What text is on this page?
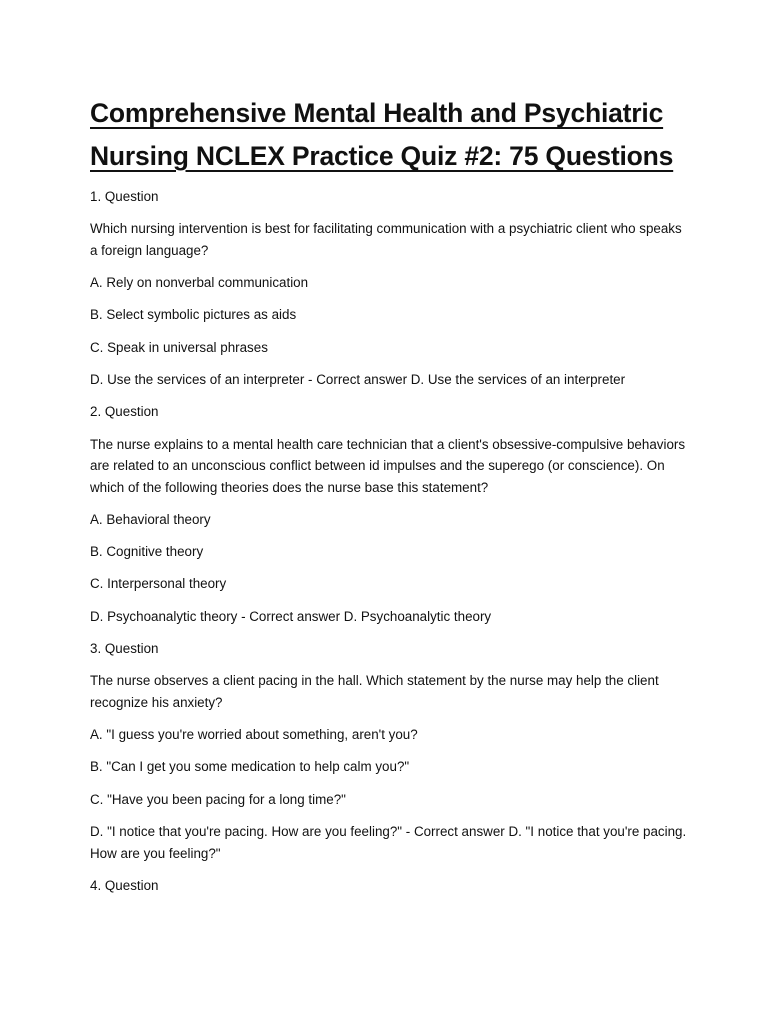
Comprehensive Mental Health and Psychiatric
Nursing NCLEX Practice Quiz #2: 75 Questions

1. Question

Which nursing intervention is best for facilitating communication with a psychiatric client who speaks a foreign language?

A. Rely on nonverbal communication

B. Select symbolic pictures as aids

C. Speak in universal phrases

D. Use the services of an interpreter - Correct answer D. Use the services of an interpreter

2. Question

The nurse explains to a mental health care technician that a client's obsessive-compulsive behaviors are related to an unconscious conflict between id impulses and the superego (or conscience). On which of the following theories does the nurse base this statement?

A. Behavioral theory

B. Cognitive theory

C. Interpersonal theory

D. Psychoanalytic theory - Correct answer D. Psychoanalytic theory

3. Question

The nurse observes a client pacing in the hall. Which statement by the nurse may help the client recognize his anxiety?

A. "I guess you're worried about something, aren't you?

B. "Can I get you some medication to help calm you?"

C. "Have you been pacing for a long time?"

D. "I notice that you're pacing. How are you feeling?" - Correct answer D. "I notice that you're pacing. How are you feeling?"

4. Question
